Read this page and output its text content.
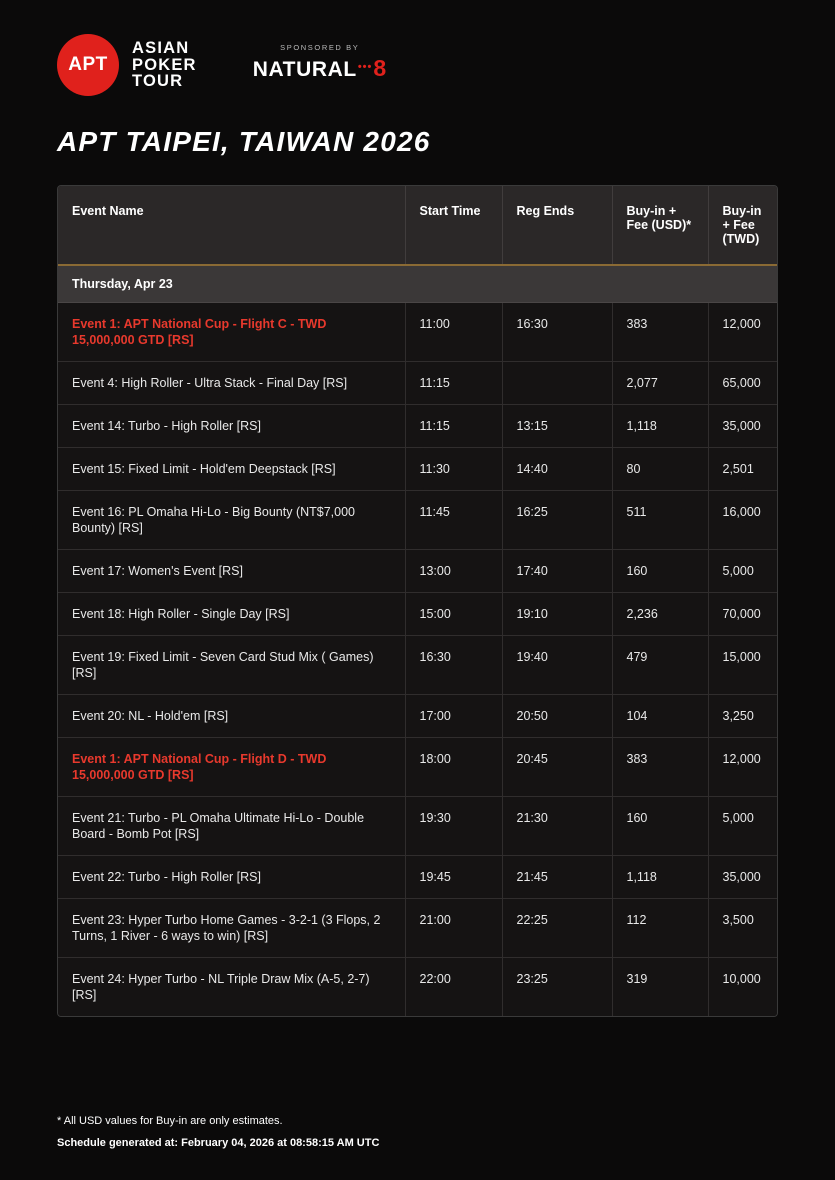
APT
ASIAN
POKER
TOUR
SPONSORED BY
NATURAL ••• 8
APT TAIPEI, TAIWAN 2026
Event Name	Start Time	Reg Ends	Buy-in + Fee (USD)*	Buy-in + Fee (TWD)
Thursday, Apr 23				
Event 1: APT National Cup - Flight C - TWD 15,000,000 GTD [RS]	11:00	16:30	383	12,000
Event 4: High Roller - Ultra Stack - Final Day [RS]	11:15		2,077	65,000
Event 14: Turbo - High Roller [RS]	11:15	13:15	1,118	35,000
Event 15: Fixed Limit - Hold'em Deepstack [RS]	11:30	14:40	80	2,501
Event 16: PL Omaha Hi-Lo - Big Bounty (NT$7,000 Bounty) [RS]	11:45	16:25	511	16,000
Event 17: Women's Event [RS]	13:00	17:40	160	5,000
Event 18: High Roller - Single Day [RS]	15:00	19:10	2,236	70,000
Event 19: Fixed Limit - Seven Card Stud Mix ( Games) [RS]	16:30	19:40	479	15,000
Event 20: NL - Hold'em [RS]	17:00	20:50	104	3,250
Event 1: APT National Cup - Flight D - TWD 15,000,000 GTD [RS]	18:00	20:45	383	12,000
Event 21: Turbo - PL Omaha Ultimate Hi-Lo - Double Board - Bomb Pot [RS]	19:30	21:30	160	5,000
Event 22: Turbo - High Roller [RS]	19:45	21:45	1,118	35,000
Event 23: Hyper Turbo Home Games - 3-2-1 (3 Flops, 2 Turns, 1 River - 6 ways to win) [RS]	21:00	22:25	112	3,500
Event 24: Hyper Turbo - NL Triple Draw Mix (A-5, 2-7) [RS]	22:00	23:25	319	10,000
* All USD values for Buy-in are only estimates.
Schedule generated at: February 04, 2026 at 08:58:15 AM UTC
